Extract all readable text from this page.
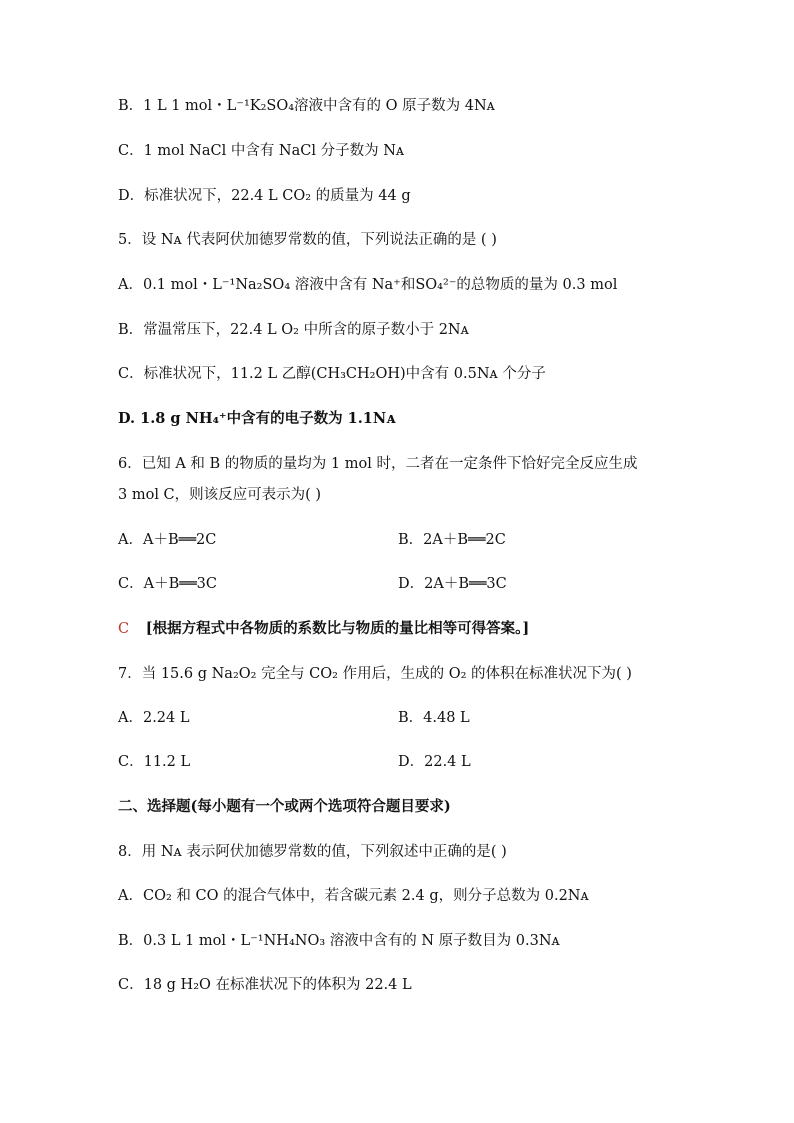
B．1 L 1 mol・L⁻¹K₂SO₄溶液中含有的 O 原子数为 4Nᴀ
C．1 mol NaCl 中含有 NaCl 分子数为 Nᴀ
D．标准状况下，22.4 L CO₂ 的质量为 44 g
5．设 Nᴀ 代表阿伏加德罗常数的值，下列说法正确的是 ( )
A．0.1 mol・L⁻¹Na₂SO₄ 溶液中含有 Na⁺和SO₄²⁻的总物质的量为 0.3 mol
B．常温常压下，22.4 L O₂ 中所含的原子数小于 2Nᴀ
C．标准状况下，11.2 L 乙醇(CH₃CH₂OH)中含有 0.5Nᴀ 个分子
D. 1.8 g NH₄⁺中含有的电子数为 1.1Nᴀ
6．已知 A 和 B 的物质的量均为 1 mol 时，二者在一定条件下恰好完全反应生成
3 mol C，则该反应可表示为( )
A．A＋B══2C	B．2A＋B══2C
C．A＋B══3C	D．2A＋B══3C
C [根据方程式中各物质的系数比与物质的量比相等可得答案。]
7．当 15.6 g Na₂O₂ 完全与 CO₂ 作用后，生成的 O₂ 的体积在标准状况下为( )
A．2.24 L	B．4.48 L
C．11.2 L	D．22.4 L
二、选择题(每小题有一个或两个选项符合题目要求)
8．用 Nᴀ 表示阿伏加德罗常数的值，下列叙述中正确的是( )
A．CO₂ 和 CO 的混合气体中，若含碳元素 2.4 g，则分子总数为 0.2Nᴀ
B．0.3 L 1 mol・L⁻¹NH₄NO₃ 溶液中含有的 N 原子数目为 0.3Nᴀ
C．18 g H₂O 在标准状况下的体积为 22.4 L
